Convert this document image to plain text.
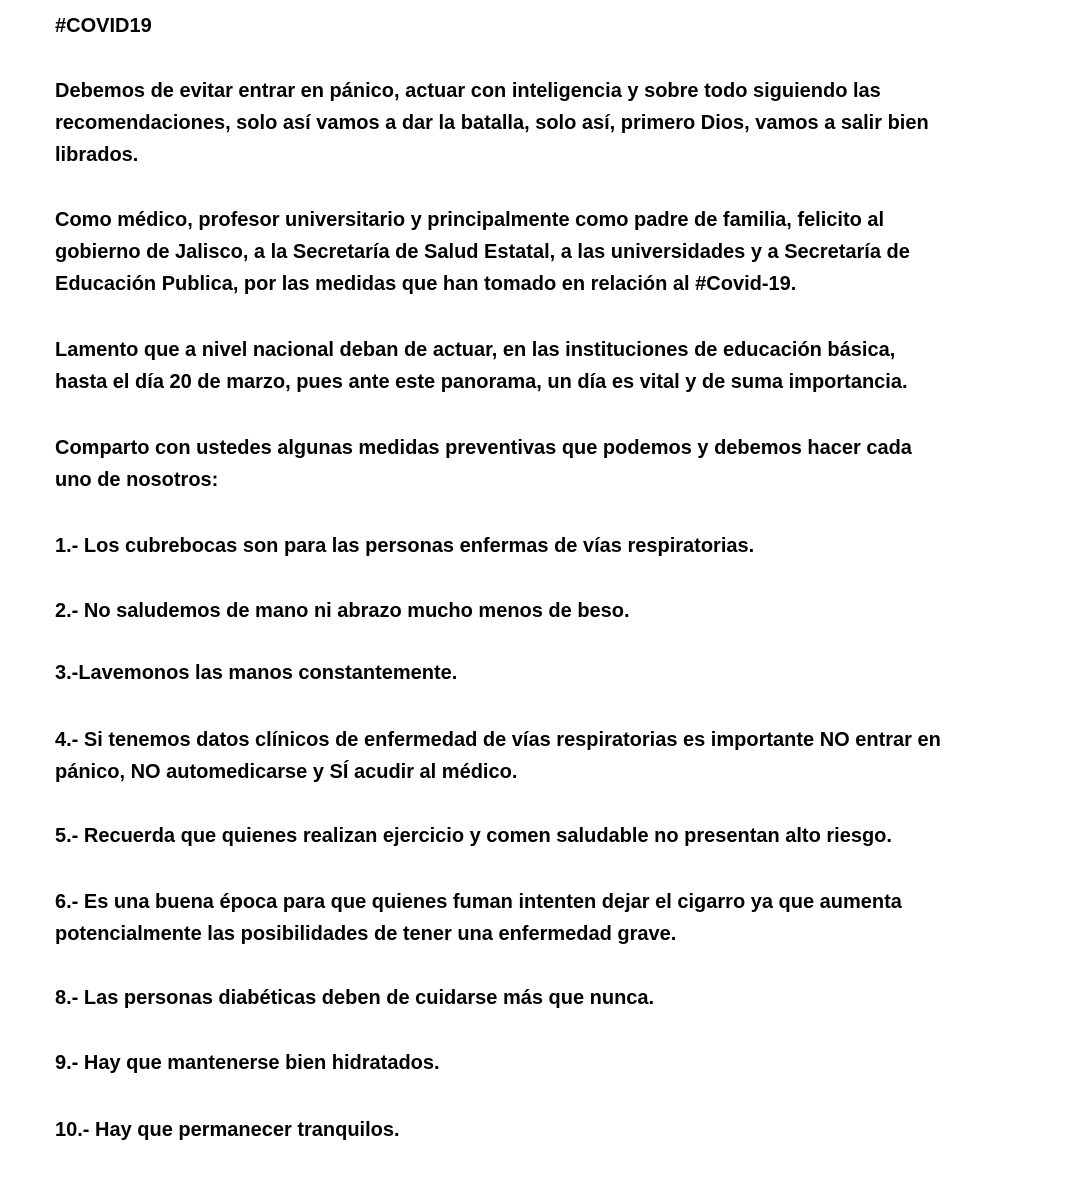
#COVID19

Debemos de evitar entrar en pánico, actuar con inteligencia y sobre todo siguiendo las
recomendaciones, solo así vamos a dar la batalla, solo así, primero Dios, vamos a salir bien
librados.

Como médico, profesor universitario y principalmente como padre de familia, felicito al
gobierno de Jalisco, a la Secretaría de Salud Estatal, a las universidades y a Secretaría de
Educación Publica, por las medidas que han tomado en relación al #Covid-19.

Lamento que a nivel nacional deban de actuar, en las instituciones de educación básica,
hasta el día 20 de marzo, pues ante este panorama, un día es vital y de suma importancia.

Comparto con ustedes algunas medidas preventivas que podemos y debemos hacer cada
uno de nosotros:

1.- Los cubrebocas son para las personas enfermas de vías respiratorias.

2.- No saludemos de mano ni abrazo mucho menos de beso.

3.-Lavemonos las manos constantemente.

4.- Si tenemos datos clínicos de enfermedad de vías respiratorias es importante NO entrar en
pánico, NO automedicarse y SÍ acudir al médico.

5.- Recuerda que quienes realizan ejercicio y comen saludable no presentan alto riesgo.

6.- Es una buena época para que quienes fuman intenten dejar el cigarro ya que aumenta
potencialmente las posibilidades de tener una enfermedad grave.

8.- Las personas diabéticas deben de cuidarse más que nunca.

9.- Hay que mantenerse bien hidratados.

10.- Hay que permanecer tranquilos.
